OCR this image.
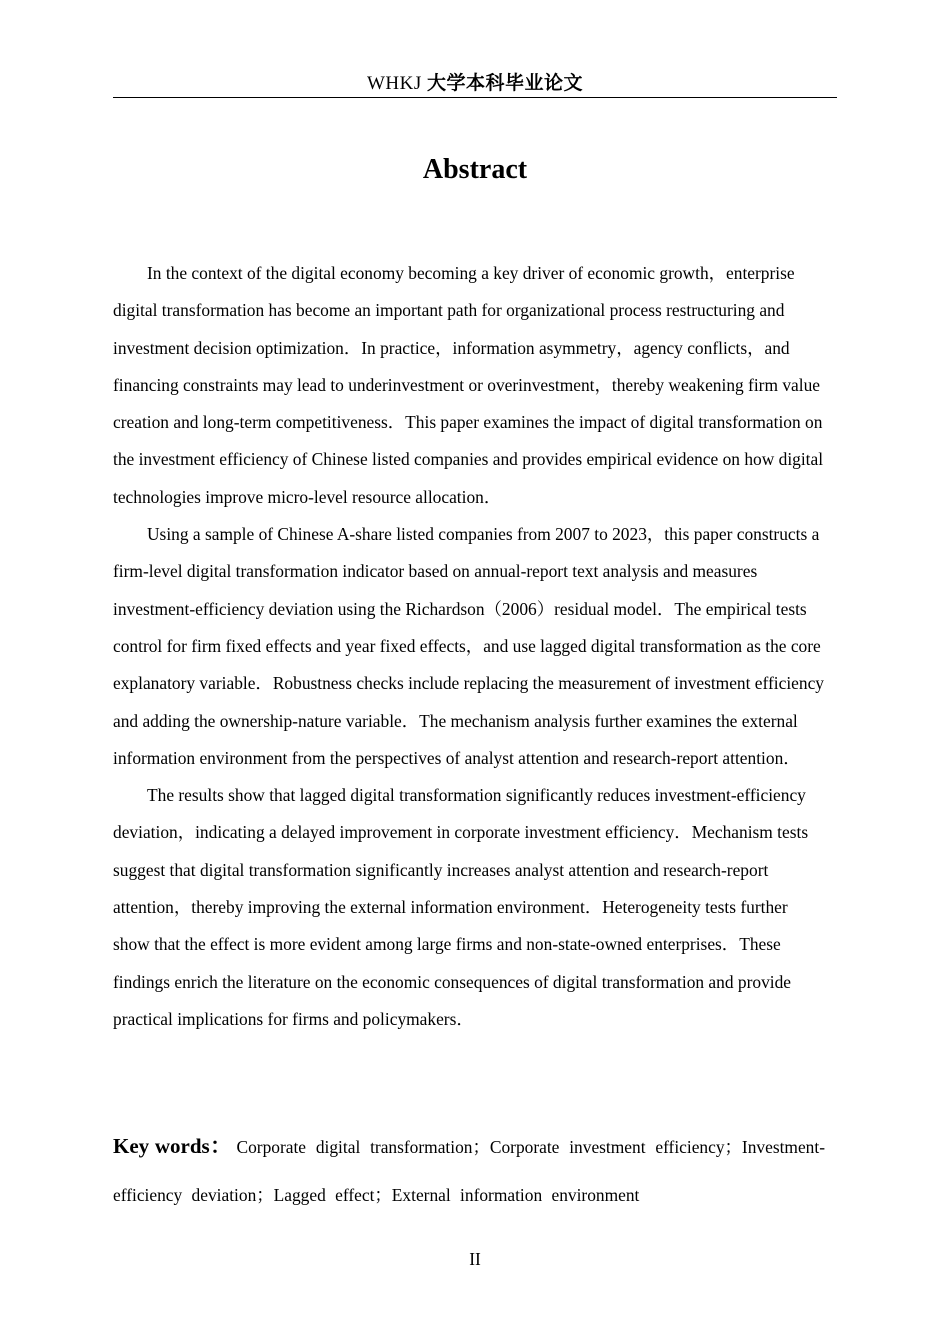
WHKJ 大学本科毕业论文
Abstract

In the context of the digital economy becoming a key driver of economic growth，enterprise digital transformation has become an important path for organizational process restructuring and investment decision optimization．In practice，information asymmetry，agency conflicts，and financing constraints may lead to underinvestment or overinvestment，thereby weakening firm value creation and long-term competitiveness．This paper examines the impact of digital transformation on the investment efficiency of Chinese listed companies and provides empirical evidence on how digital technologies improve micro-level resource allocation．

Using a sample of Chinese A-share listed companies from 2007 to 2023，this paper constructs a firm-level digital transformation indicator based on annual-report text analysis and measures investment-efficiency deviation using the Richardson（2006）residual model．The empirical tests control for firm fixed effects and year fixed effects，and use lagged digital transformation as the core explanatory variable．Robustness checks include replacing the measurement of investment efficiency and adding the ownership-nature variable．The mechanism analysis further examines the external information environment from the perspectives of analyst attention and research-report attention．

The results show that lagged digital transformation significantly reduces investment-efficiency deviation，indicating a delayed improvement in corporate investment efficiency．Mechanism tests suggest that digital transformation significantly increases analyst attention and research-report attention，thereby improving the external information environment．Heterogeneity tests further show that the effect is more evident among large firms and non-state-owned enterprises．These findings enrich the literature on the economic consequences of digital transformation and provide practical implications for firms and policymakers．

Key words： Corporate digital transformation；Corporate investment efficiency；Investment-efficiency deviation；Lagged effect；External information environment
II
